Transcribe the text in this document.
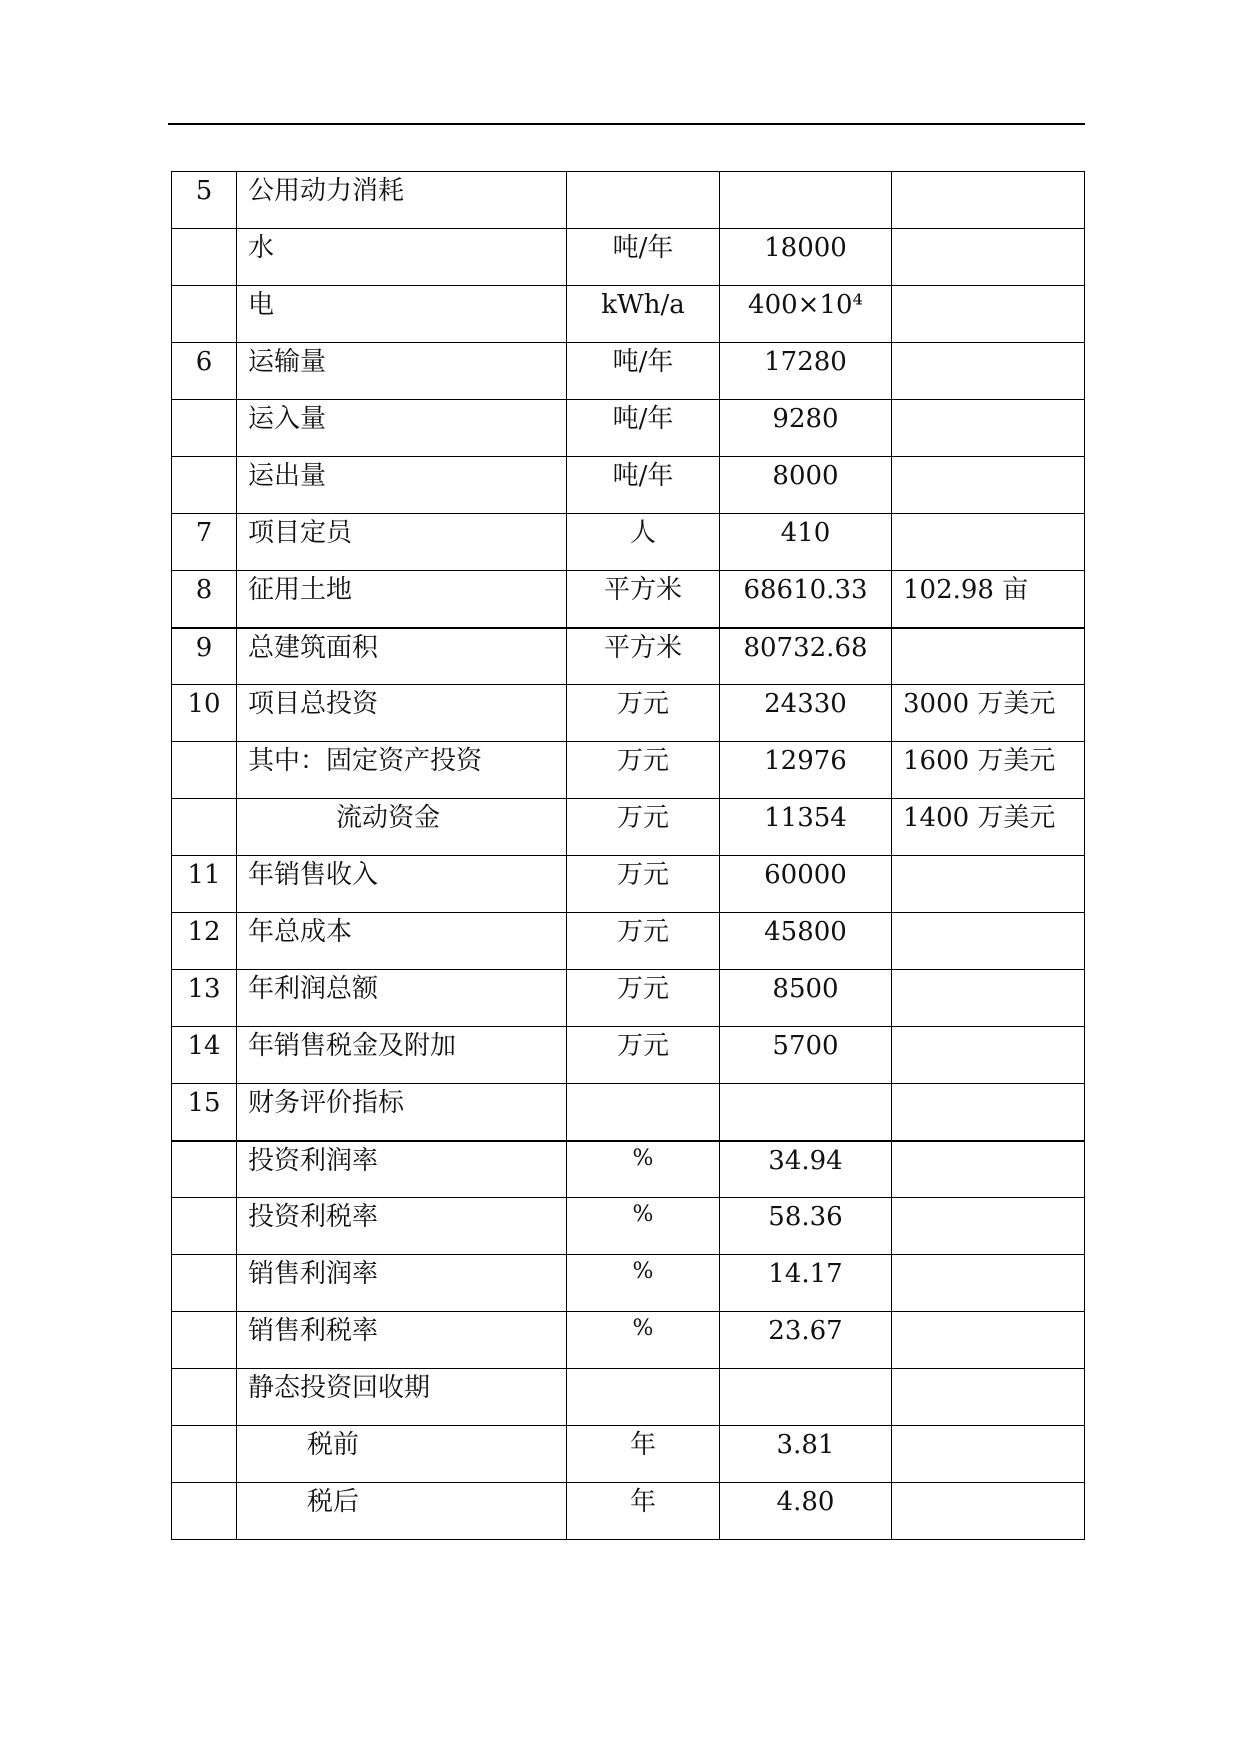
5	公用动力消耗			

	水	吨/年	18000	

	电	kWh/a	400×10⁴	

6	运输量	吨/年	17280	

	运入量	吨/年	9280	

	运出量	吨/年	8000	

7	项目定员	人	410	

8	征用土地	平方米	68610.33	102.98 亩

9	总建筑面积	平方米	80732.68	

10	项目总投资	万元	24330	3000 万美元

	其中：固定资产投资	万元	12976	1600 万美元

	流动资金	万元	11354	1400 万美元

11	年销售收入	万元	60000	

12	年总成本	万元	45800	

13	年利润总额	万元	8500	

14	年销售税金及附加	万元	5700	

15	财务评价指标			

	投资利润率	%	34.94	

	投资利税率	%	58.36	

	销售利润率	%	14.17	

	销售利税率	%	23.67	

	静态投资回收期			

	税前	年	3.81	

	税后	年	4.80	
